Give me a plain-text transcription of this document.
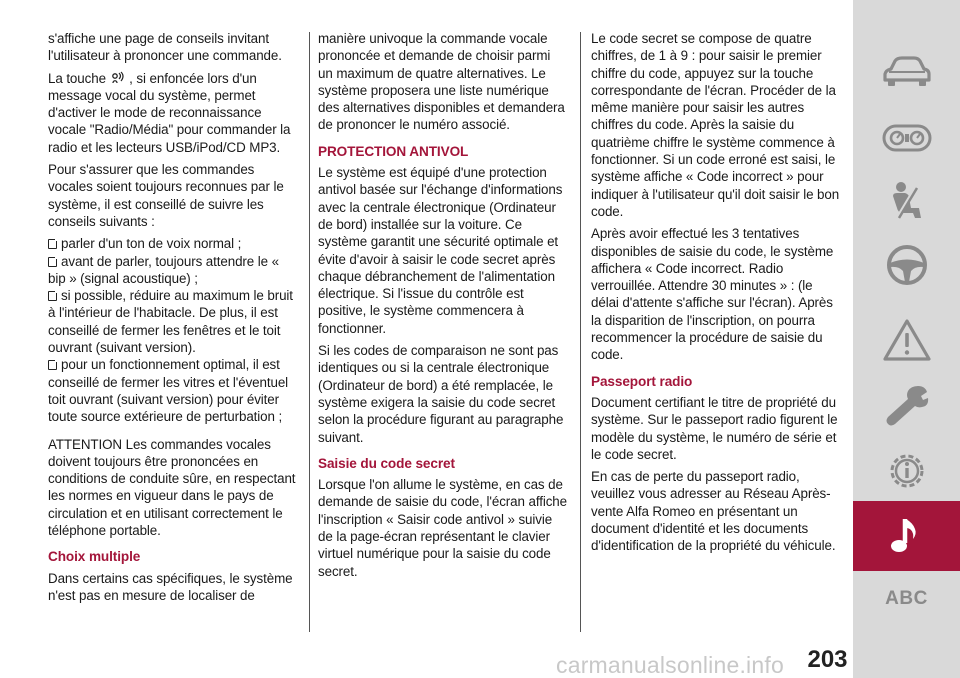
s'affiche une page de conseils invitant l'utilisateur à prononcer une commande.
La touche , si enfoncée lors d'un message vocal du système, permet d'activer le mode de reconnaissance vocale "Radio/Média" pour commander la radio et les lecteurs USB/iPod/CD MP3.
Pour s'assurer que les commandes vocales soient toujours reconnues par le système, il est conseillé de suivre les conseils suivants :
parler d'un ton de voix normal ;
avant de parler, toujours attendre le « bip » (signal acoustique) ;
si possible, réduire au maximum le bruit à l'intérieur de l'habitacle. De plus, il est conseillé de fermer les fenêtres et le toit ouvrant (suivant version).
pour un fonctionnement optimal, il est conseillé de fermer les vitres et l'éventuel toit ouvrant (suivant version) pour éviter toute source extérieure de perturbation ;
ATTENTION Les commandes vocales doivent toujours être prononcées en conditions de conduite sûre, en respectant les normes en vigueur dans le pays de circulation et en utilisant correctement le téléphone portable.
Choix multiple
Dans certains cas spécifiques, le système n'est pas en mesure de localiser de
manière univoque la commande vocale prononcée et demande de choisir parmi un maximum de quatre alternatives. Le système proposera une liste numérique des alternatives disponibles et demandera de prononcer le numéro associé.
PROTECTION ANTIVOL
Le système est équipé d'une protection antivol basée sur l'échange d'informations avec la centrale électronique (Ordinateur de bord) installée sur la voiture. Ce système garantit une sécurité optimale et évite d'avoir à saisir le code secret après chaque débranchement de l'alimentation électrique. Si l'issue du contrôle est positive, le système commencera à fonctionner.
Si les codes de comparaison ne sont pas identiques ou si la centrale électronique (Ordinateur de bord) a été remplacée, le système exigera la saisie du code secret selon la procédure figurant au paragraphe suivant.
Saisie du code secret
Lorsque l'on allume le système, en cas de demande de saisie du code, l'écran affiche l'inscription « Saisir code antivol » suivie de la page-écran représentant le clavier virtuel numérique pour la saisie du code secret.
Le code secret se compose de quatre chiffres, de 1 à 9 : pour saisir le premier chiffre du code, appuyez sur la touche correspondante de l'écran. Procéder de la même manière pour saisir les autres chiffres du code. Après la saisie du quatrième chiffre le système commence à fonctionner. Si un code erroné est saisi, le système affiche « Code incorrect » pour indiquer à l'utilisateur qu'il doit saisir le bon code.
Après avoir effectué les 3 tentatives disponibles de saisie du code, le système affichera « Code incorrect. Radio verrouillée. Attendre 30 minutes » : (le délai d'attente s'affiche sur l'écran). Après la disparition de l'inscription, on pourra recommencer la procédure de saisie du code.
Passeport radio
Document certifiant le titre de propriété du système. Sur le passeport radio figurent le modèle du système, le numéro de série et le code secret.
En cas de perte du passeport radio, veuillez vous adresser au Réseau Après-vente Alfa Romeo en présentant un document d'identité et les documents d'identification de la propriété du véhicule.
ABC
carmanualsonline.info 203
